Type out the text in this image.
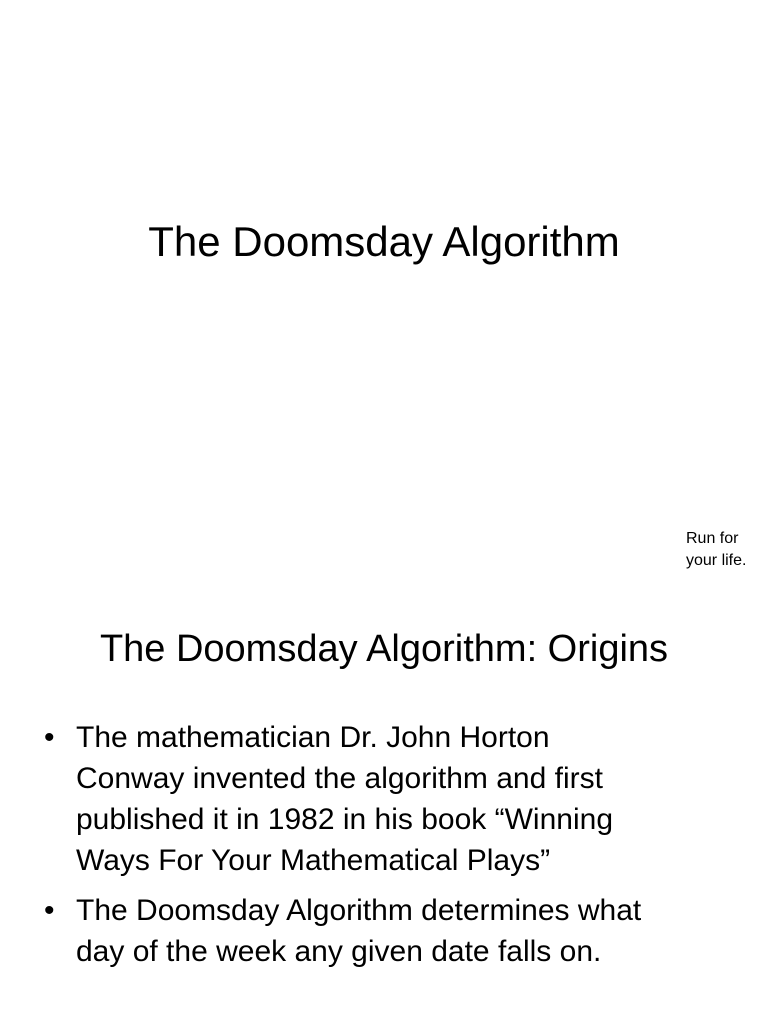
The Doomsday Algorithm
Run for
your life.
The Doomsday Algorithm: Origins
• The mathematician Dr. John Horton
Conway invented the algorithm and first
published it in 1982 in his book “Winning
Ways For Your Mathematical Plays”
• The Doomsday Algorithm determines what
day of the week any given date falls on.
